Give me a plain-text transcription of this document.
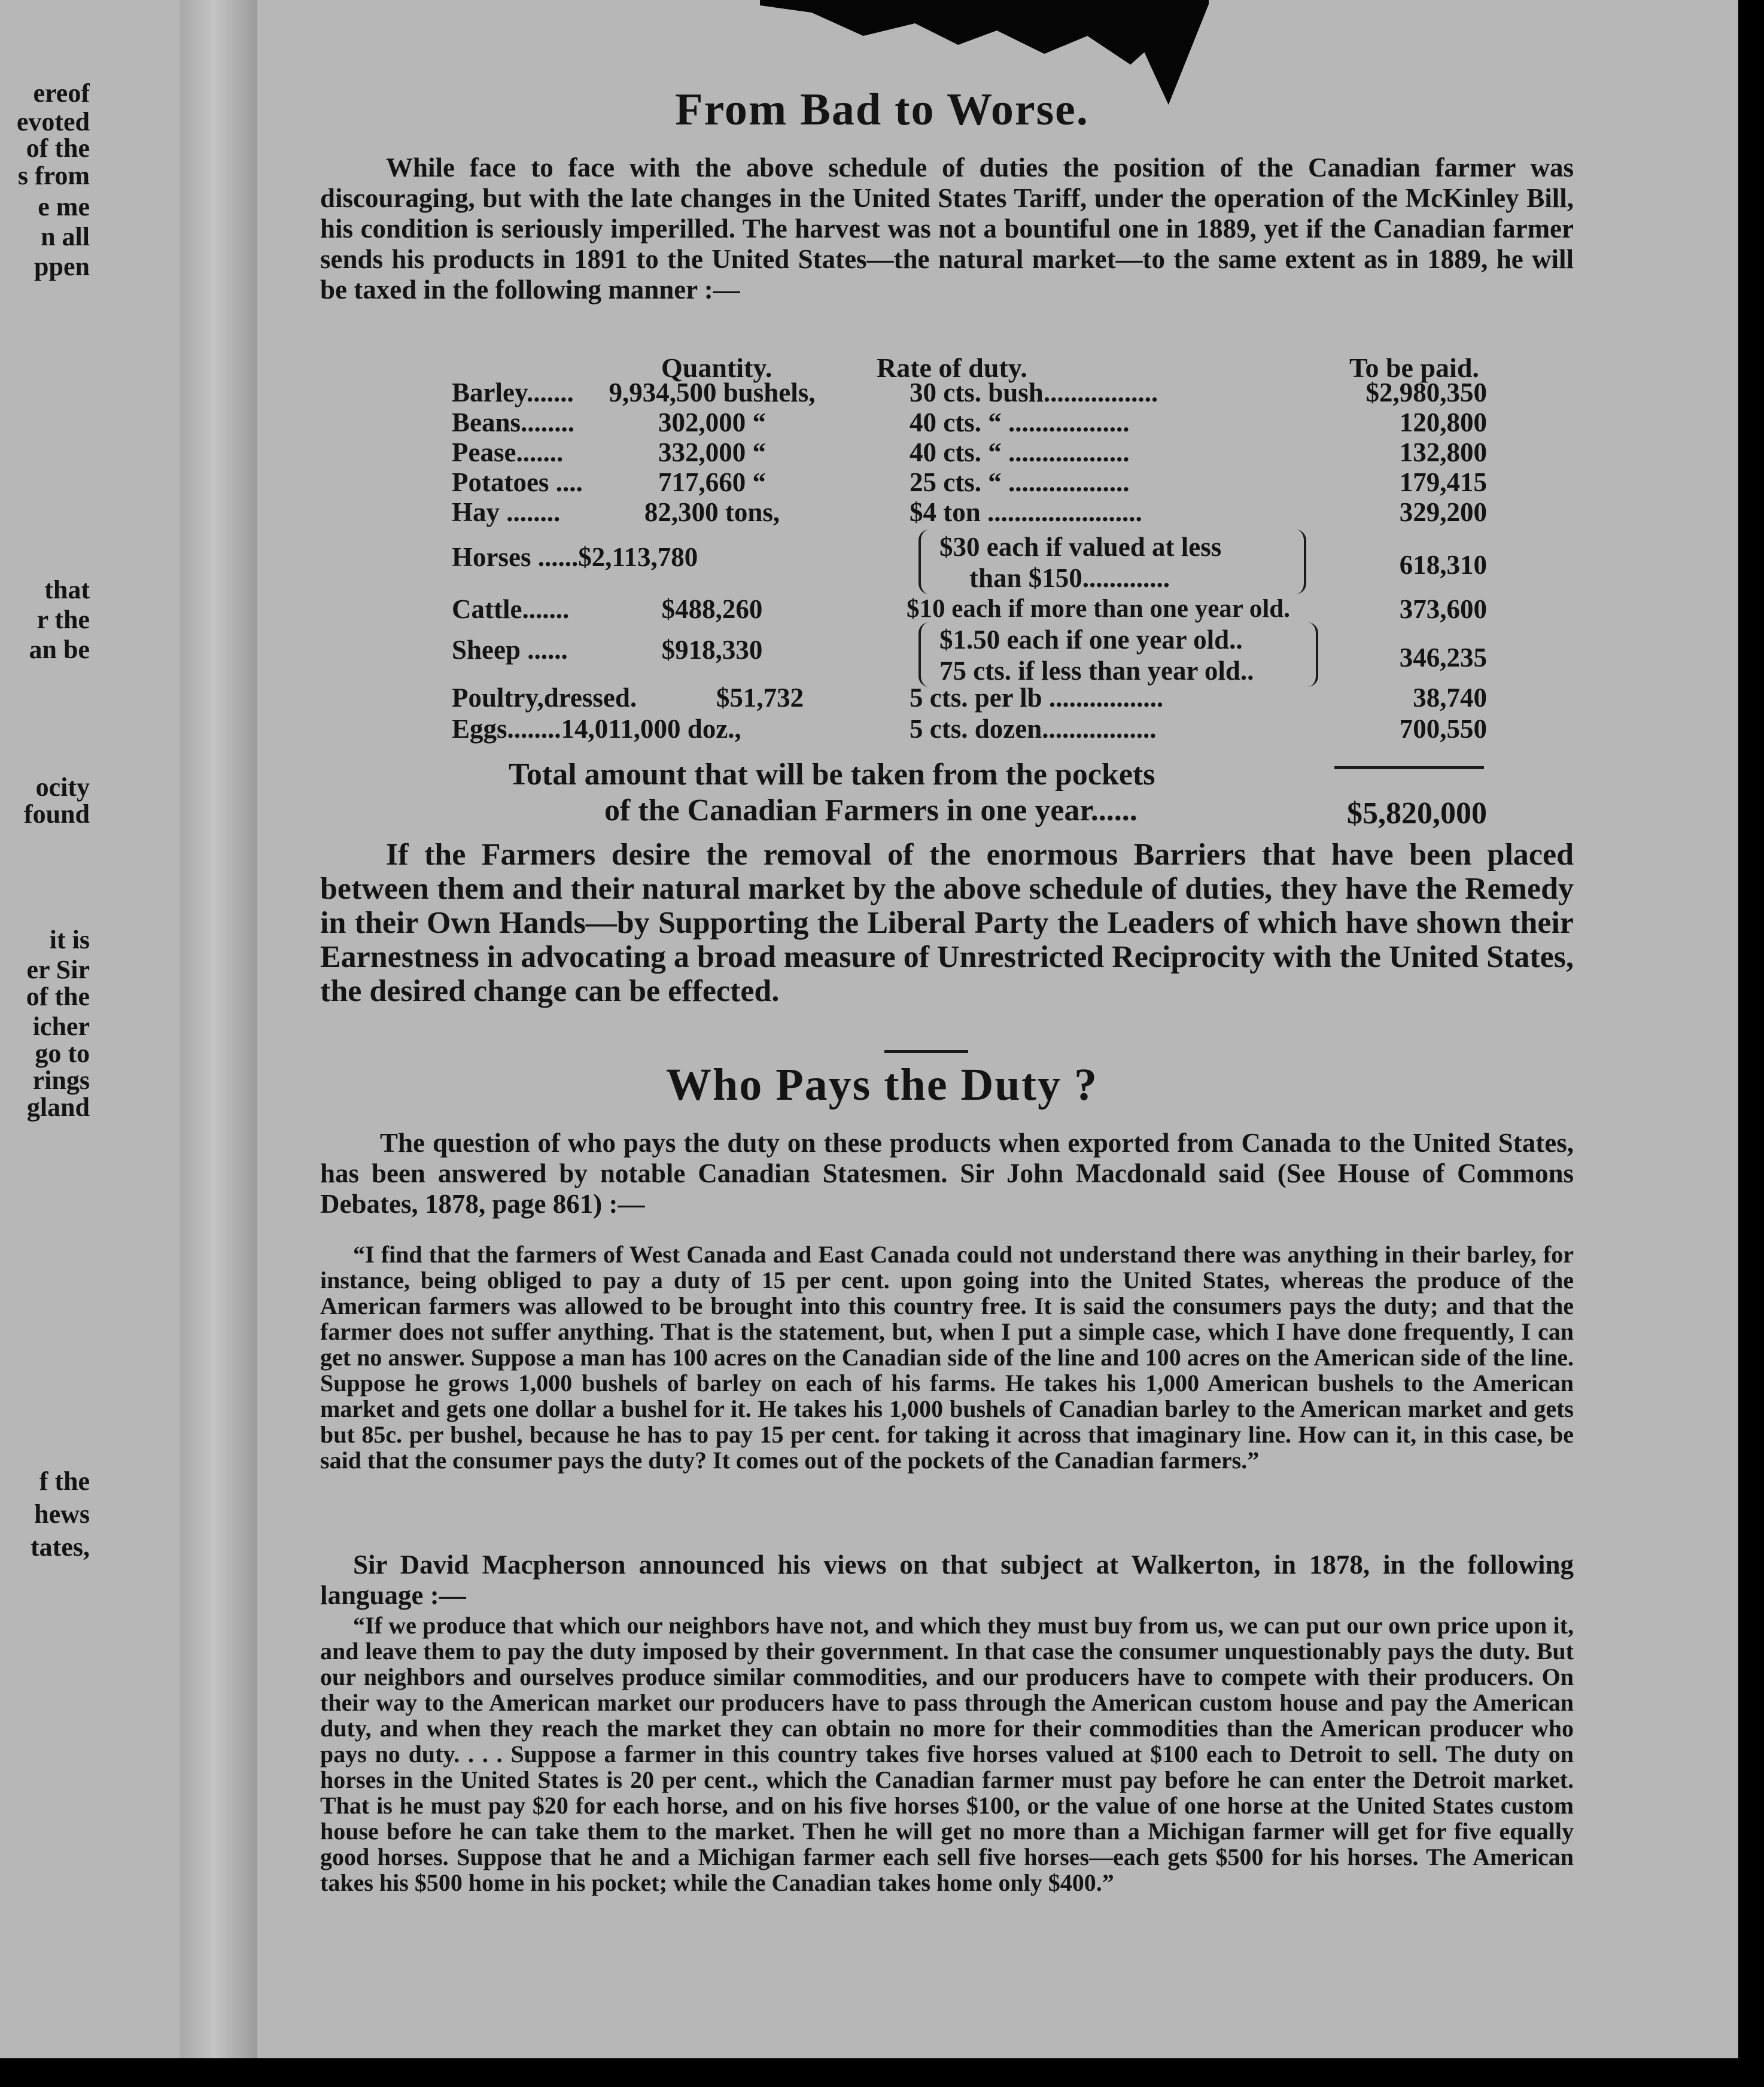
ereof
evoted
of the
s from
e me
n all
ppen
that
r the
an be
ocity
found
it is
er Sir
of the
icher
go to
rings
gland
f the
hews
tates,
From Bad to Worse.

While face to face with the above schedule of duties the position of the Canadian farmer was discouraging, but with the late changes in the United States Tariff, under the operation of the McKinley Bill, his condition is seriously imperilled. The harvest was not a bountiful one in 1889, yet if the Canadian farmer sends his products in 1891 to the United States—the natural market—to the same extent as in 1889, he will be taxed in the following manner :—

Quantity.	Rate of duty.	To be paid.
Barley.......	9,934,500 bushels,	30 cts. bush.................	$2,980,350
Beans........	302,000 “	40 cts. “ ..................	120,800
Pease.......	332,000 “	40 cts. “ ..................	132,800
Potatoes ....	717,660 “	25 cts. “ ..................	179,415
Hay ........	82,300 tons,	$4 ton .......................	329,200
Horses ......$2,113,780	$30 each if valued at less
than $150.............	618,310
Cattle.......	$488,260	$10 each if more than one year old.	373,600
Sheep ......	$918,330	$1.50 each if one year old..
75 cts. if less than year old..	346,235
Poultry,dressed.	$51,732	5 cts. per lb .................	38,740
Eggs........14,011,000 doz.,	5 cts. dozen.................	700,550
Total amount that will be taken from the pockets
of the Canadian Farmers in one year......	$5,820,000

If the Farmers desire the removal of the enormous Barriers that have been placed between them and their natural market by the above schedule of duties, they have the Remedy in their Own Hands—by Supporting the Liberal Party the Leaders of which have shown their Earnestness in advocating a broad measure of Unrestricted Reciprocity with the United States, the desired change can be effected.

Who Pays the Duty ?

The question of who pays the duty on these products when exported from Canada to the United States, has been answered by notable Canadian Statesmen. Sir John Macdonald said (See House of Commons Debates, 1878, page 861) :—

“I find that the farmers of West Canada and East Canada could not understand there was anything in their barley, for instance, being obliged to pay a duty of 15 per cent. upon going into the United States, whereas the produce of the American farmers was allowed to be brought into this country free. It is said the consumers pays the duty; and that the farmer does not suffer anything. That is the statement, but, when I put a simple case, which I have done frequently, I can get no answer. Suppose a man has 100 acres on the Canadian side of the line and 100 acres on the American side of the line. Suppose he grows 1,000 bushels of barley on each of his farms. He takes his 1,000 American bushels to the American market and gets one dollar a bushel for it. He takes his 1,000 bushels of Canadian barley to the American market and gets but 85c. per bushel, because he has to pay 15 per cent. for taking it across that imaginary line. How can it, in this case, be said that the consumer pays the duty? It comes out of the pockets of the Canadian farmers.”

Sir David Macpherson announced his views on that subject at Walkerton, in 1878, in the following language :—

“If we produce that which our neighbors have not, and which they must buy from us, we can put our own price upon it, and leave them to pay the duty imposed by their government. In that case the consumer unquestionably pays the duty. But our neighbors and ourselves produce similar commodities, and our producers have to compete with their producers. On their way to the American market our producers have to pass through the American custom house and pay the American duty, and when they reach the market they can obtain no more for their commodities than the American producer who pays no duty. . . . Suppose a farmer in this country takes five horses valued at $100 each to Detroit to sell. The duty on horses in the United States is 20 per cent., which the Canadian farmer must pay before he can enter the Detroit market. That is he must pay $20 for each horse, and on his five horses $100, or the value of one horse at the United States custom house before he can take them to the market. Then he will get no more than a Michigan farmer will get for five equally good horses. Suppose that he and a Michigan farmer each sell five horses—each gets $500 for his horses. The American takes his $500 home in his pocket; while the Canadian takes home only $400.”
